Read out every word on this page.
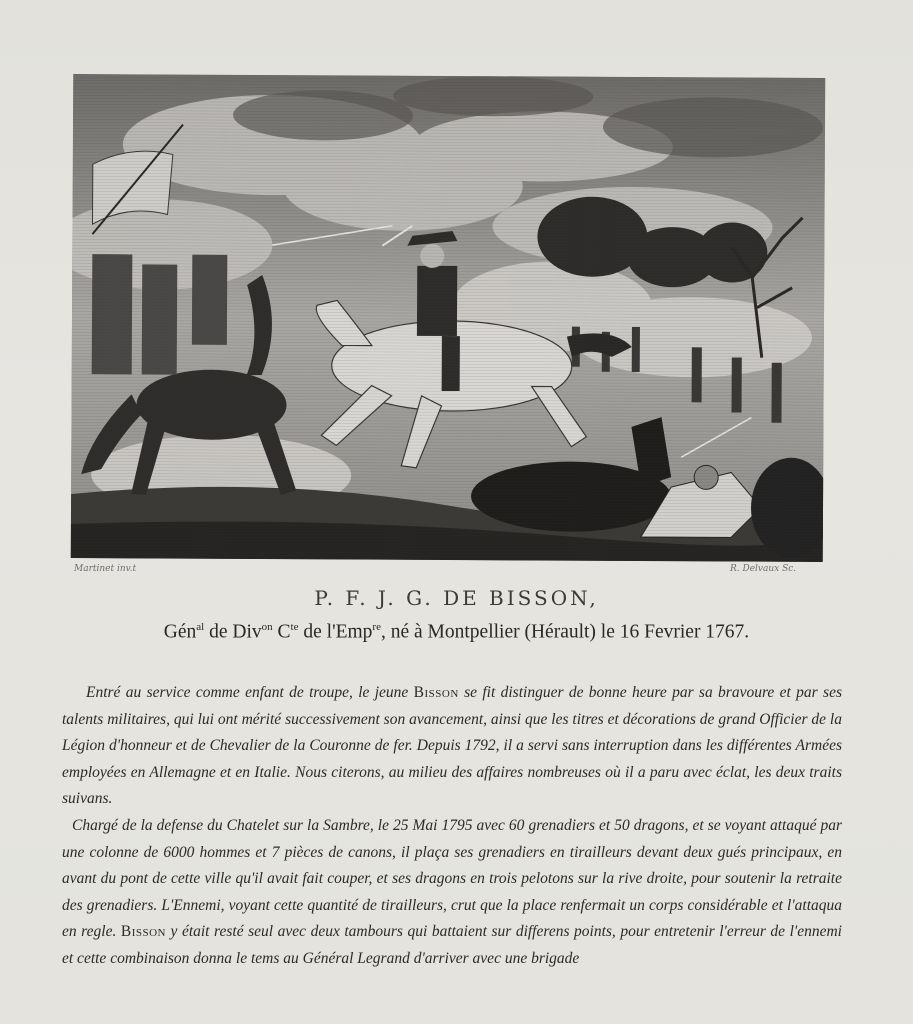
Martinet inv.t	R. Delvaux Sc.
P. F. J. G. DE BISSON,
Gén$^{al}$ de Div$^{on}$ $C^{te}$ de l'Emp$^{re}$, né à Montpellier (Hérault) le 16 Fevrier 1767.

Entré au service comme enfant de troupe, le jeune Bisson se fit distinguer de bonne heure par sa bravoure et par ses talents militaires, qui lui ont mérité successivement son avancement, ainsi que les titres et décorations de grand Officier de la Légion d'honneur et de Chevalier de la Couronne de fer. Depuis 1792, il a servi sans interruption dans les différentes Armées employées en Allemagne et en Italie. Nous citerons, au milieu des affaires nombreuses où il a paru avec éclat, les deux traits suivans.

Chargé de la defense du Chatelet sur la Sambre, le 25 Mai 1795 avec 60 grenadiers et 50 dragons, et se voyant attaqué par une colonne de 6000 hommes et 7 pièces de canons, il plaça ses grenadiers en tirailleurs devant deux gués principaux, en avant du pont de cette ville qu'il avait fait couper, et ses dragons en trois pelotons sur la rive droite, pour soutenir la retraite des grenadiers. L'Ennemi, voyant cette quantité de tirailleurs, crut que la place renfermait un corps considérable et l'attaqua en regle. Bisson y était resté seul avec deux tambours qui battaient sur differens points, pour entretenir l'erreur de l'ennemi et cette combinaison donna le tems au Général Legrand d'arriver avec une brigade
